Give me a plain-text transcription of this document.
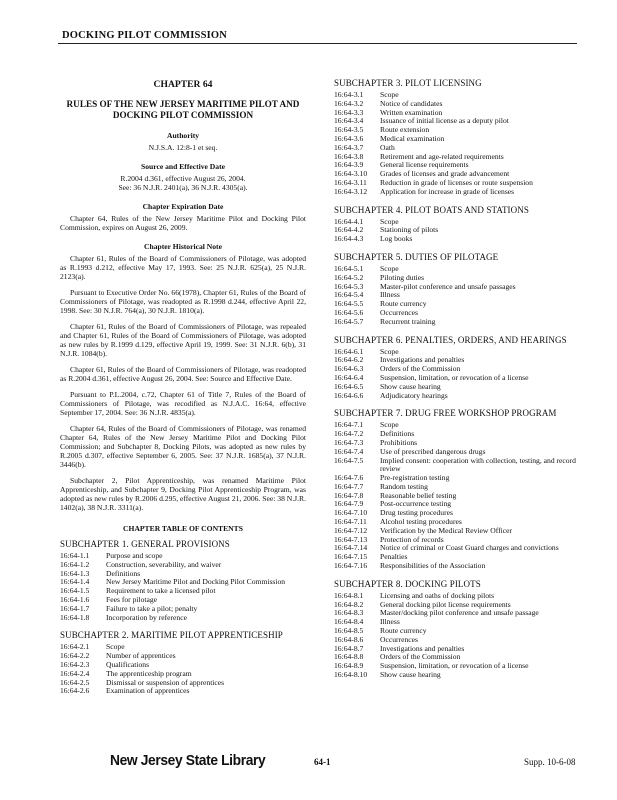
DOCKING PILOT COMMISSION
CHAPTER 64
RULES OF THE NEW JERSEY MARITIME PILOT AND DOCKING PILOT COMMISSION
Authority
N.J.S.A. 12:8-1 et seq.
Source and Effective Date
R.2004 d.361, effective August 26, 2004.
See: 36 N.J.R. 2401(a), 36 N.J.R. 4305(a).
Chapter Expiration Date
Chapter 64, Rules of the New Jersey Maritime Pilot and Docking Pilot Commission, expires on August 26, 2009.
Chapter Historical Note
Chapter 61, Rules of the Board of Commissioners of Pilotage, was adopted as R.1993 d.212, effective May 17, 1993. See: 25 N.J.R. 625(a), 25 N.J.R. 2123(a).
Pursuant to Executive Order No. 66(1978), Chapter 61, Rules of the Board of Commissioners of Pilotage, was readopted as R.1998 d.244, effective April 22, 1998. See: 30 N.J.R. 764(a), 30 N.J.R. 1810(a).
Chapter 61, Rules of the Board of Commissioners of Pilotage, was repealed and Chapter 61, Rules of the Board of Commissioners of Pilotage, was adopted as new rules by R.1999 d.129, effective April 19, 1999. See: 31 N.J.R. 6(b), 31 N.J.R. 1084(b).
Chapter 61, Rules of the Board of Commissioners of Pilotage, was readopted as R.2004 d.361, effective August 26, 2004. See: Source and Effective Date.
Pursuant to P.L.2004, c.72, Chapter 61 of Title 7, Rules of the Board of Commissioners of Pilotage, was recodified as N.J.A.C. 16:64, effective September 17, 2004. See: 36 N.J.R. 4835(a).
Chapter 64, Rules of the Board of Commissioners of Pilotage, was renamed Chapter 64, Rules of the New Jersey Maritime Pilot and Docking Pilot Commission; and Subchapter 8, Docking Pilots, was adopted as new rules by R.2005 d.307, effective September 6, 2005. See: 37 N.J.R. 1685(a), 37 N.J.R. 3446(b).
Subchapter 2, Pilot Apprenticeship, was renamed Maritime Pilot Apprenticeship, and Subchapter 9, Docking Pilot Apprenticeship Program, was adopted as new rules by R.2006 d.295, effective August 21, 2006. See: 38 N.J.R. 1402(a), 38 N.J.R. 3311(a).
CHAPTER TABLE OF CONTENTS
SUBCHAPTER 1. GENERAL PROVISIONS
16:64-1.1	Purpose and scope
16:64-1.2	Construction, severability, and waiver
16:64-1.3	Definitions
16:64-1.4	New Jersey Maritime Pilot and Docking Pilot Commission
16:64-1.5	Requirement to take a licensed pilot
16:64-1.6	Fees for pilotage
16:64-1.7	Failure to take a pilot; penalty
16:64-1.8	Incorporation by reference
SUBCHAPTER 2. MARITIME PILOT APPRENTICESHIP
16:64-2.1	Scope
16:64-2.2	Number of apprentices
16:64-2.3	Qualifications
16:64-2.4	The apprenticeship program
16:64-2.5	Dismissal or suspension of apprentices
16:64-2.6	Examination of apprentices
SUBCHAPTER 3. PILOT LICENSING
16:64-3.1	Scope
16:64-3.2	Notice of candidates
16:64-3.3	Written examination
16:64-3.4	Issuance of initial license as a deputy pilot
16:64-3.5	Route extension
16:64-3.6	Medical examination
16:64-3.7	Oath
16:64-3.8	Retirement and age-related requirements
16:64-3.9	General license requirements
16:64-3.10	Grades of licenses and grade advancement
16:64-3.11	Reduction in grade of licenses or route suspension
16:64-3.12	Application for increase in grade of licenses
SUBCHAPTER 4. PILOT BOATS AND STATIONS
16:64-4.1	Scope
16:64-4.2	Stationing of pilots
16:64-4.3	Log books
SUBCHAPTER 5. DUTIES OF PILOTAGE
16:64-5.1	Scope
16:64-5.2	Piloting duties
16:64-5.3	Master-pilot conference and unsafe passages
16:64-5.4	Illness
16:64-5.5	Route currency
16:64-5.6	Occurrences
16:64-5.7	Recurrent training
SUBCHAPTER 6. PENALTIES, ORDERS, AND HEARINGS
16:64-6.1	Scope
16:64-6.2	Investigations and penalties
16:64-6.3	Orders of the Commission
16:64-6.4	Suspension, limitation, or revocation of a license
16:64-6.5	Show cause hearing
16:64-6.6	Adjudicatory hearings
SUBCHAPTER 7. DRUG FREE WORKSHOP PROGRAM
16:64-7.1	Scope
16:64-7.2	Definitions
16:64-7.3	Prohibitions
16:64-7.4	Use of prescribed dangerous drugs
16:64-7.5	Implied consent: cooperation with collection, testing, and record review
16:64-7.6	Pre-registration testing
16:64-7.7	Random testing
16:64-7.8	Reasonable belief testing
16:64-7.9	Post-occurrence testing
16:64-7.10	Drug testing procedures
16:64-7.11	Alcohol testing procedures
16:64-7.12	Verification by the Medical Review Officer
16:64-7.13	Protection of records
16:64-7.14	Notice of criminal or Coast Guard charges and convictions
16:64-7.15	Penalties
16:64-7.16	Responsibilities of the Association
SUBCHAPTER 8. DOCKING PILOTS
16:64-8.1	Licensing and oaths of docking pilots
16:64-8.2	General docking pilot license requirements
16:64-8.3	Master/docking pilot conference and unsafe passage
16:64-8.4	Illness
16:64-8.5	Route currency
16:64-8.6	Occurrences
16:64-8.7	Investigations and penalties
16:64-8.8	Orders of the Commission
16:64-8.9	Suspension, limitation, or revocation of a license
16:64-8.10	Show cause hearing
New Jersey State Library	64-1	Supp. 10-6-08
